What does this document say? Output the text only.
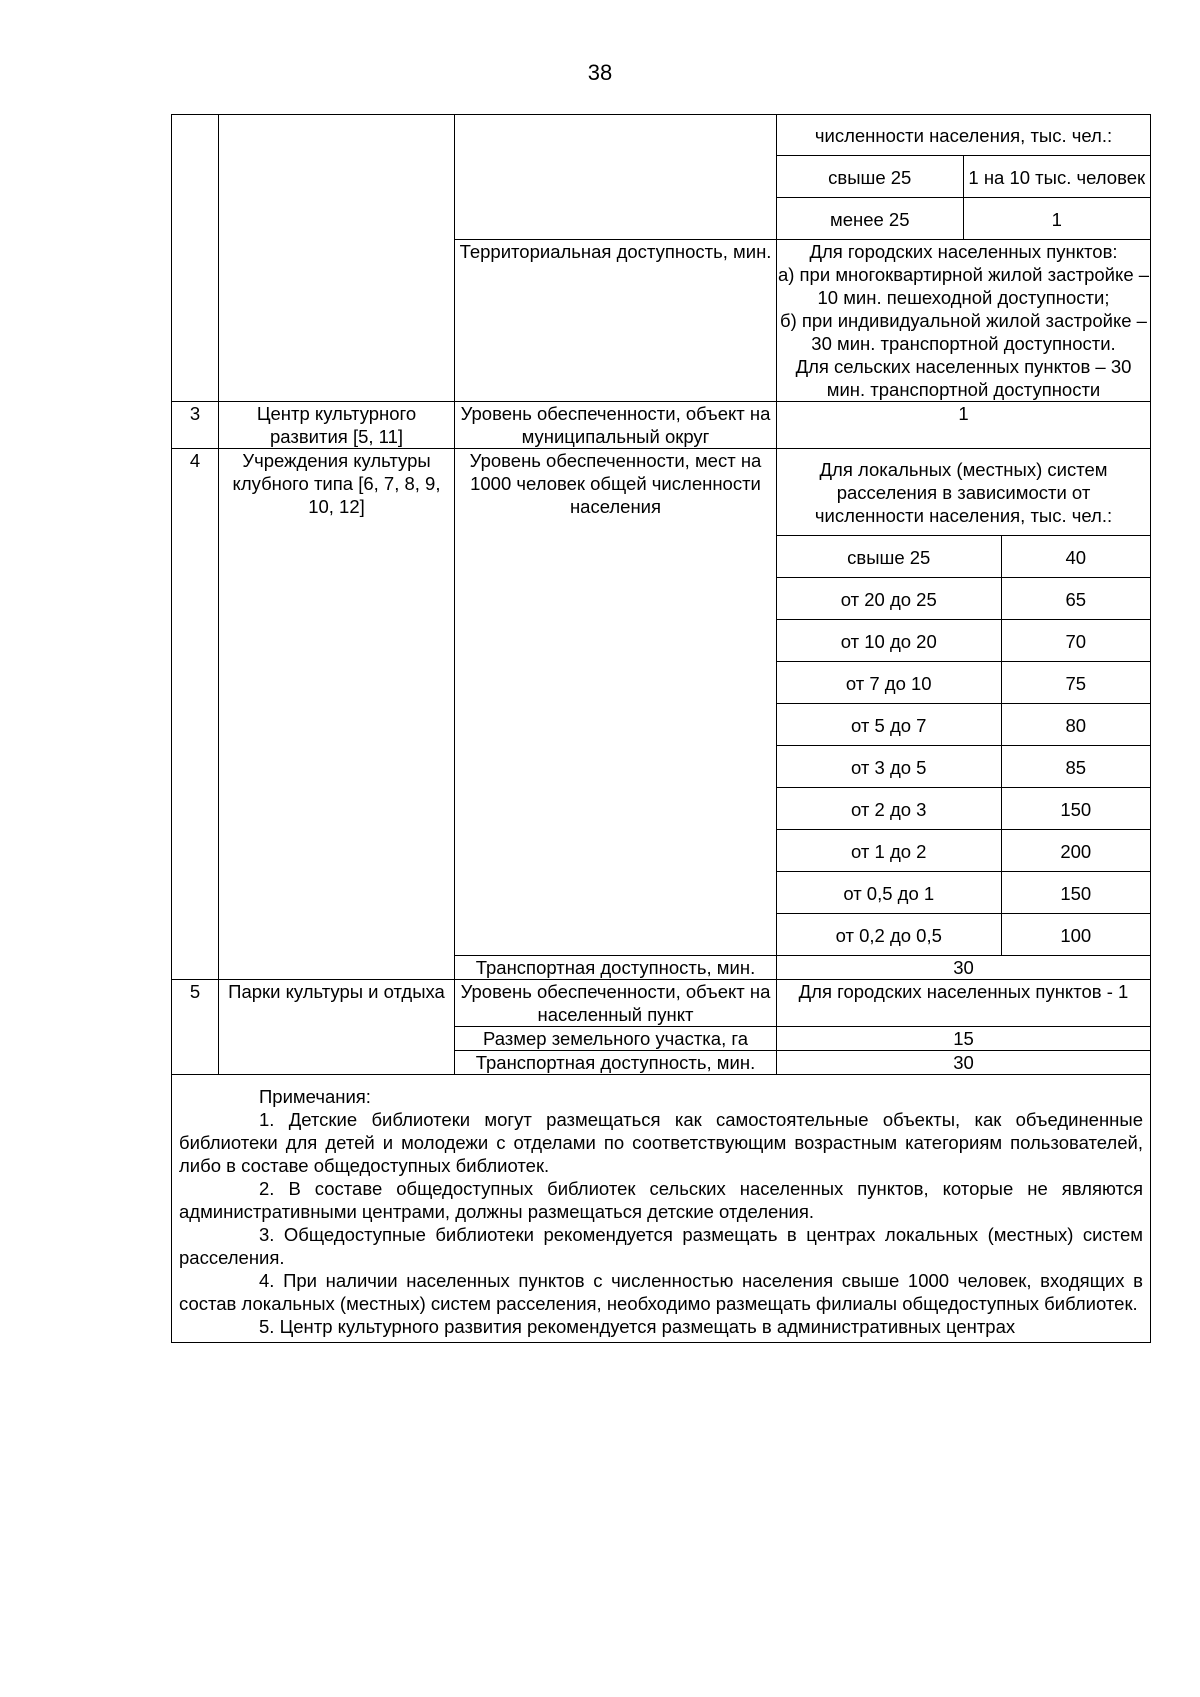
38

численности населения, тыс. чел.:
свыше 25	1 на 10 тыс. человек
менее 25	1

Территориальная доступность, мин.	Для городских населенных пунктов:
а) при многоквартирной жилой застройке – 10 мин. пешеходной доступности;
б) при индивидуальной жилой застройке – 30 мин. транспортной доступности.
Для сельских населенных пунктов – 30 мин. транспортной доступности

3	Центр культурного развития [5, 11]	Уровень обеспеченности, объект на муниципальный округ	1
4	Учреждения культуры клубного типа [6, 7, 8, 9, 10, 12]	Уровень обеспеченности, мест на 1000 человек общей численности населения	
Для локальных (местных) систем расселения в зависимости от численности населения, тыс. чел.:
свыше 25	40
от 20 до 25	65
от 10 до 20	70
от 7 до 10	75
от 5 до 7	80
от 3 до 5	85
от 2 до 3	150
от 1 до 2	200
от 0,5 до 1	150
от 0,2 до 0,5	100

Транспортная доступность, мин.	30
5	Парки культуры и отдыха	Уровень обеспеченности, объект на населенный пункт	Для городских населенных пунктов - 1
Размер земельного участка, га	15
Транспортная доступность, мин.	30

Примечания:

1. Детские библиотеки могут размещаться как самостоятельные объекты, как объединенные библиотеки для детей и молодежи с отделами по соответствующим возрастным категориям пользователей, либо в составе общедоступных библиотек.

2. В составе общедоступных библиотек сельских населенных пунктов, которые не являются административными центрами, должны размещаться детские отделения.

3. Общедоступные библиотеки рекомендуется размещать в центрах локальных (местных) систем расселения.

4. При наличии населенных пунктов с численностью населения свыше 1000 человек, входящих в состав локальных (местных) систем расселения, необходимо размещать филиалы общедоступных библиотек.

5. Центр культурного развития рекомендуется размещать в административных центрах
